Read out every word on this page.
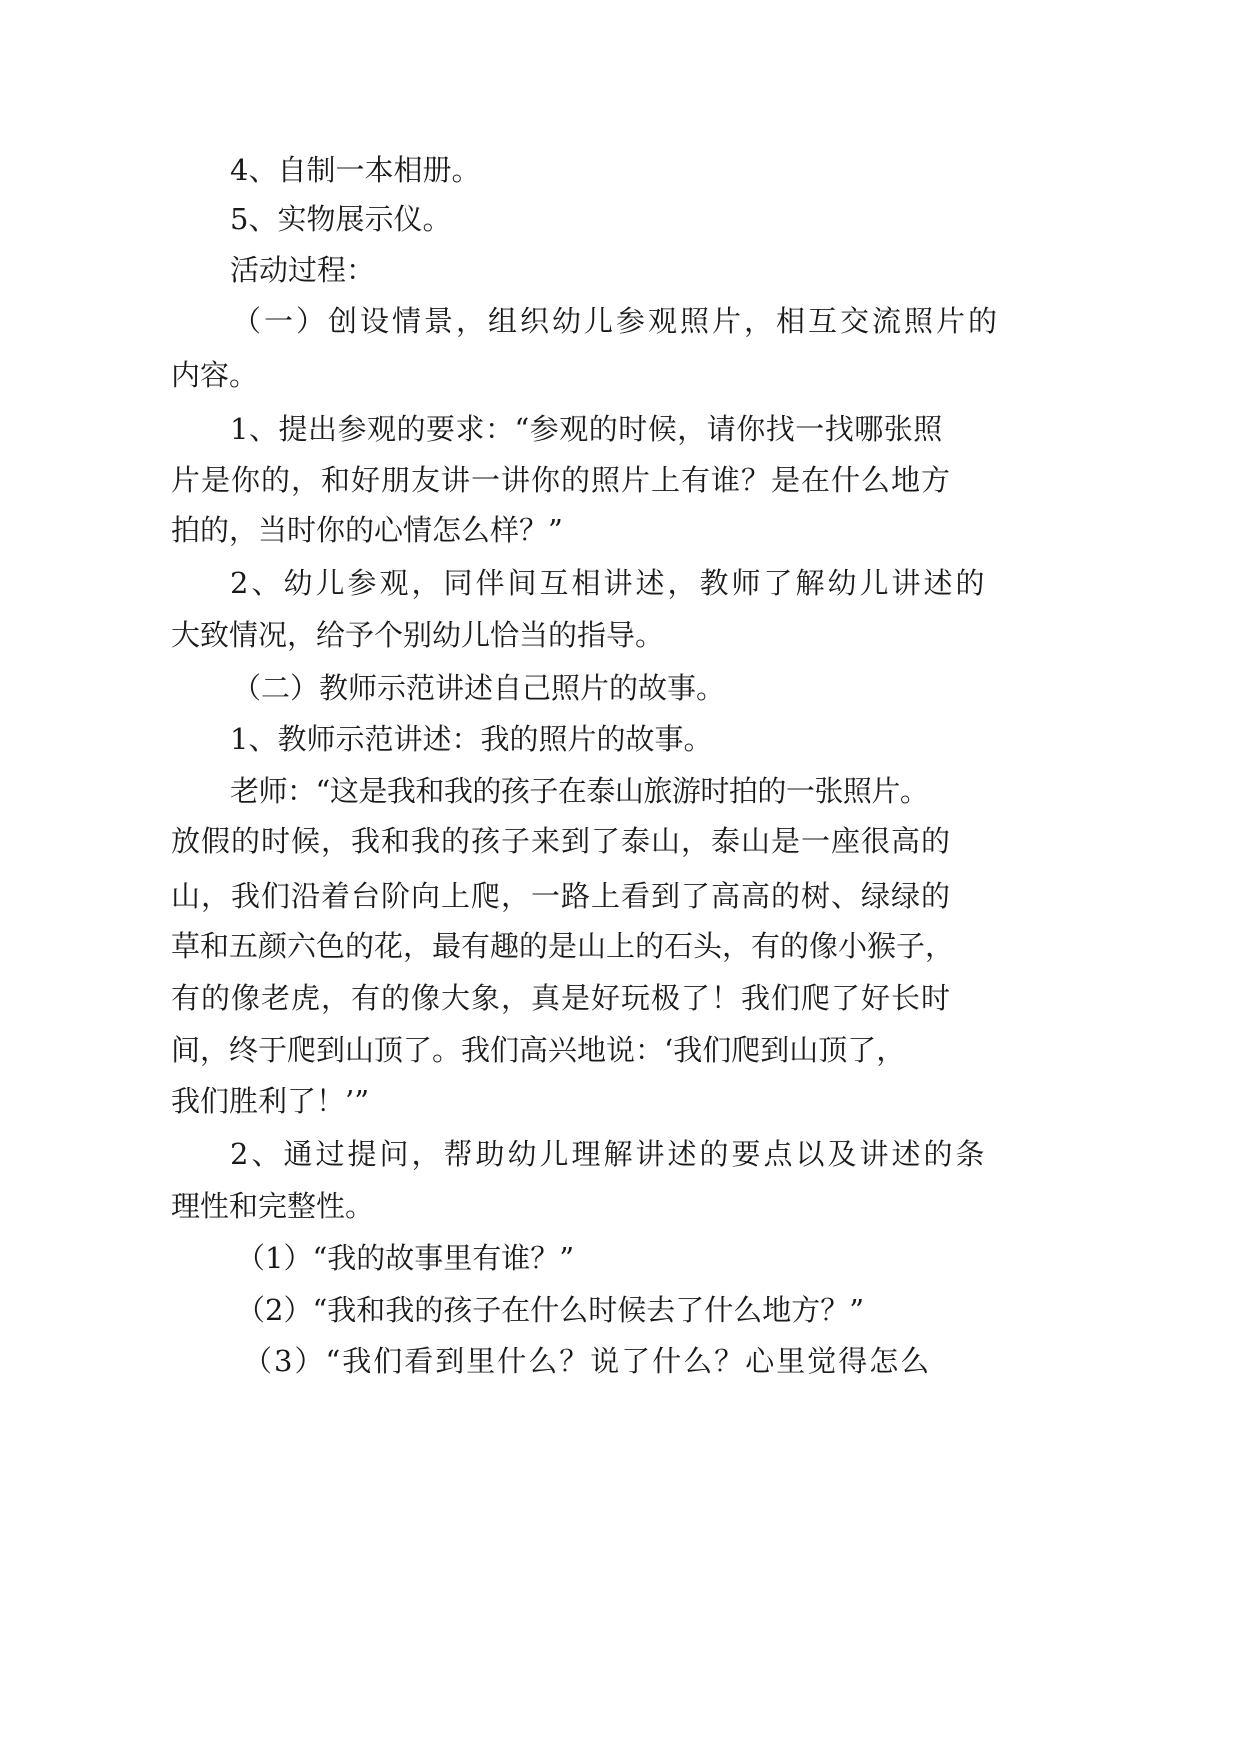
4、自制一本相册。
5、实物展示仪。
活动过程：
（一）创设情景，组织幼儿参观照片，相互交流照片的
内容。
1、提出参观的要求：“参观的时候，请你找一找哪张照
片是你的，和好朋友讲一讲你的照片上有谁？是在什么地方
拍的，当时你的心情怎么样？”
2、幼儿参观，同伴间互相讲述，教师了解幼儿讲述的
大致情况，给予个别幼儿恰当的指导。
（二）教师示范讲述自己照片的故事。
1、教师示范讲述：我的照片的故事。
老师：“这是我和我的孩子在泰山旅游时拍的一张照片。
放假的时候，我和我的孩子来到了泰山，泰山是一座很高的
山，我们沿着台阶向上爬，一路上看到了高高的树、绿绿的
草和五颜六色的花，最有趣的是山上的石头，有的像小猴子，
有的像老虎，有的像大象，真是好玩极了！我们爬了好长时
间，终于爬到山顶了。我们高兴地说：‘我们爬到山顶了，
我们胜利了！’”
2、通过提问，帮助幼儿理解讲述的要点以及讲述的条
理性和完整性。
（1）“我的故事里有谁？”
（2）“我和我的孩子在什么时候去了什么地方？”
（3）“我们看到里什么？说了什么？心里觉得怎么
